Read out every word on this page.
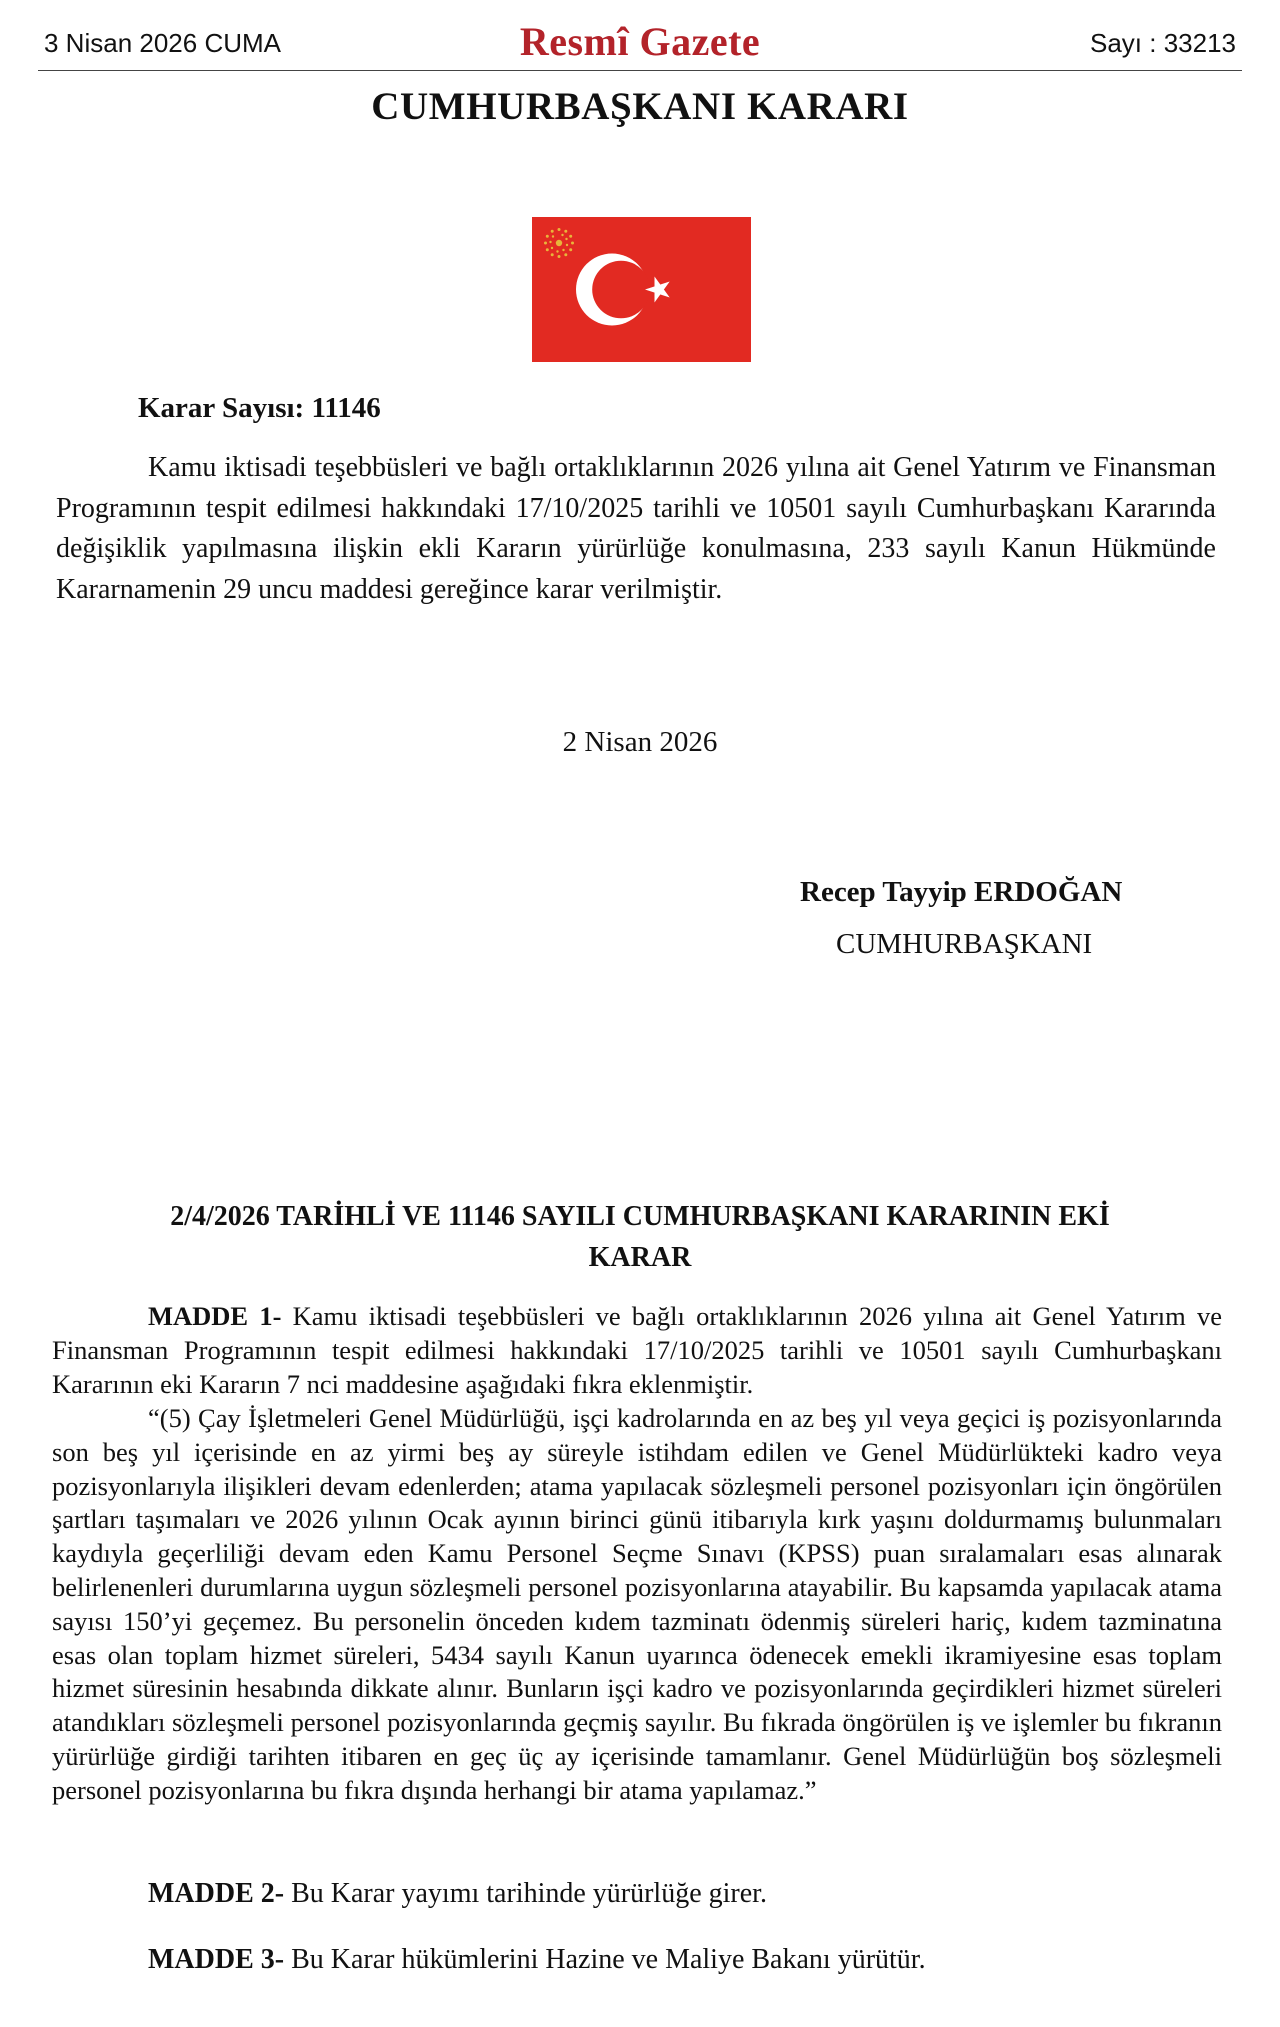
3 Nisan 2026 CUMA	Resmî Gazete	Sayı : 33213
CUMHURBAŞKANI KARARI
Karar Sayısı: 11146
Kamu iktisadi teşebbüsleri ve bağlı ortaklıklarının 2026 yılına ait Genel Yatırım ve Finansman Programının tespit edilmesi hakkındaki 17/10/2025 tarihli ve 10501 sayılı Cumhurbaşkanı Kararında değişiklik yapılmasına ilişkin ekli Kararın yürürlüğe konulmasına, 233 sayılı Kanun Hükmünde Kararnamenin 29 uncu maddesi gereğince karar verilmiştir.
2 Nisan 2026
Recep Tayyip ERDOĞAN
CUMHURBAŞKANI
2/4/2026 TARİHLİ VE 11146 SAYILI CUMHURBAŞKANI KARARININ EKİ
KARAR
MADDE 1- Kamu iktisadi teşebbüsleri ve bağlı ortaklıklarının 2026 yılına ait Genel Yatırım ve Finansman Programının tespit edilmesi hakkındaki 17/10/2025 tarihli ve 10501 sayılı Cumhurbaşkanı Kararının eki Kararın 7 nci maddesine aşağıdaki fıkra eklenmiştir.
“(5) Çay İşletmeleri Genel Müdürlüğü, işçi kadrolarında en az beş yıl veya geçici iş pozisyonlarında son beş yıl içerisinde en az yirmi beş ay süreyle istihdam edilen ve Genel Müdürlükteki kadro veya pozisyonlarıyla ilişikleri devam edenlerden; atama yapılacak sözleşmeli personel pozisyonları için öngörülen şartları taşımaları ve 2026 yılının Ocak ayının birinci günü itibarıyla kırk yaşını doldurmamış bulunmaları kaydıyla geçerliliği devam eden Kamu Personel Seçme Sınavı (KPSS) puan sıralamaları esas alınarak belirlenenleri durumlarına uygun sözleşmeli personel pozisyonlarına atayabilir. Bu kapsamda yapılacak atama sayısı 150’yi geçemez. Bu personelin önceden kıdem tazminatı ödenmiş süreleri hariç, kıdem tazminatına esas olan toplam hizmet süreleri, 5434 sayılı Kanun uyarınca ödenecek emekli ikramiyesine esas toplam hizmet süresinin hesabında dikkate alınır. Bunların işçi kadro ve pozisyonlarında geçirdikleri hizmet süreleri atandıkları sözleşmeli personel pozisyonlarında geçmiş sayılır. Bu fıkrada öngörülen iş ve işlemler bu fıkranın yürürlüğe girdiği tarihten itibaren en geç üç ay içerisinde tamamlanır. Genel Müdürlüğün boş sözleşmeli personel pozisyonlarına bu fıkra dışında herhangi bir atama yapılamaz.”
MADDE 2- Bu Karar yayımı tarihinde yürürlüğe girer.
MADDE 3- Bu Karar hükümlerini Hazine ve Maliye Bakanı yürütür.
